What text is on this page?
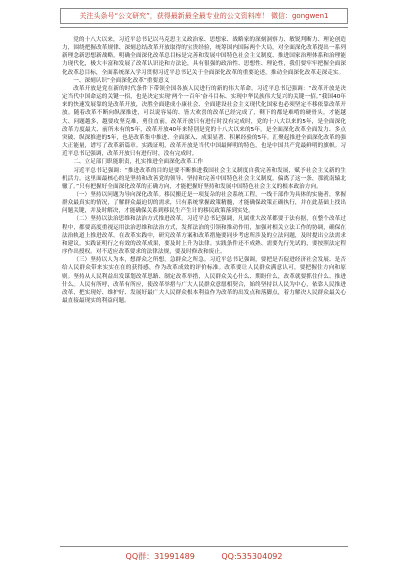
关注头条号“公文研究”，获得最新最全最专业的公文资料库！ 微信：gongwen1

党的十八大以来，习近平总书记以马克思主义政治家、思想家、战略家的深刻洞察力、敏锐判断力、理论创造力，围绕把握改革规律、深刻总结改革开放取得的宝贵经验，统筹国内国际两个大局，对全面深化改革提出一系列新理念新思想新战略，明确全面深化改革总目标是完善和发展中国特色社会主义制度、推进国家治理体系和治理能力现代化，极大丰富和发展了改革认识论和方法论，具有很强的政治性、思想性、理论性，我们要牢牢把握全面深化改革总目标，全面系统深入学习贯彻习近平总书记关于全面深化改革的重要论述，推动全面深化改革走深走实。

一、深刻认识“全面深化改革”重要意义

改革开放是党在新的时代条件下带领全国各族人民进行的新的伟大革命。习近平总书记强调：“改革开放是决定当代中国命运的关键一招，也是决定实现‘两个一百年’奋斗目标、实现中华民族伟大复兴的关键一招。”我国40年来的快速发展靠的是改革开放，决胜全面建成小康社会、全面建设社会主义现代化国家也必须坚定不移依靠改革开放。随着改革不断向纵深推进，可以说容易的、皆大欢喜的改革已经完成了，剩下的都是难啃的硬骨头。才能越大、问题越多，越要攻坚克难，勇往直前。改革开放只有进行时没有完成时，党的十八大以来的5年，是全面深化改革力度最大、前所未有的5年，改革开放40年来特别是党的十八大以来的5年，是全面深化改革全面发力、多点突破、纵深推进的5年，也是改革集中推进、全面深入、成果显著、积累经验的5年。汇聚起推进全面深化改革的强大正能量，谱写了改革新篇章。实践证明，改革开放是当代中国最鲜明的特色，也是中国共产党最鲜明的旗帜。习近平总书记强调，改革开放只有进行时，没有完成时。

二、立足部门职能职责，扎实推进全面深化改革工作

习近平总书记强调：“推进改革的目的是要不断推进我国社会主义制度自我完善和发展，赋予社会主义新的生机活力。这里面最核心的是坚持和改善党的领导、坚持和完善中国特色社会主义制度，偏离了这一条，那就南辕北辙了。”只有把握好全面深化改革的正确方向，才能把握好坚持和发展中国特色社会主义的根本政治方向。

（一）坚持以问题为导向深化改革。移民搬迁是一项复杂的社会系统工程，一线干部作为具体的实施者，掌握群众最真实的情况，了解群众最迫切的需求，只有系统掌握政策精髓，才能确保政策正确执行，并在此基础上找出问题关键，并及时解决，才能确保关系到移民生产生计的移民政策落到实处。

（二）坚持以法治思维和法治方式推进改革。习近平总书记强调，凡属重大改革都要于法有据，在整个改革过程中，都要高度重视运用法治思维和法治方式，发挥法治的引领和推动作用，加强对相关立法工作的协调，确保在法治轨道上推进改革。在改革实践中，研究改革方案和改革措施要同步考虑所涉及的立法问题，及时提出立法需求和建议。实践证明行之有效的改革成果，要及时上升为法律。实践条件还不成熟、需要先行先试的，要按照法定程序作出授权。对不适应改革要求的法律法规，要及时修改和废止。

（三）坚持以人为本，想群众之所想，急群众之所急。习近平总书记强调，要把是否促进经济社会发展、是否给人民群众带来实实在在的获得感，作为改革成效的评价标准。改革要让人民群众满意认可，要把握住方向和原则。坚持从人民利益出发谋划改革思路、制定改革举措，人民群众关心什么、期盼什么，改革就要抓住什么、推进什么。人民有所呼，改革有所应，使改革举措与广大人民群众意愿相契合，始终坚持以人民为中心，依靠人民推进改革，把实现好、维护好、发展好最广大人民群众根本利益作为改革的出发点和落脚点，着力解决人民群众最关心最直接最现实的利益问题。

QQ群：31991489	QQ:535304092
